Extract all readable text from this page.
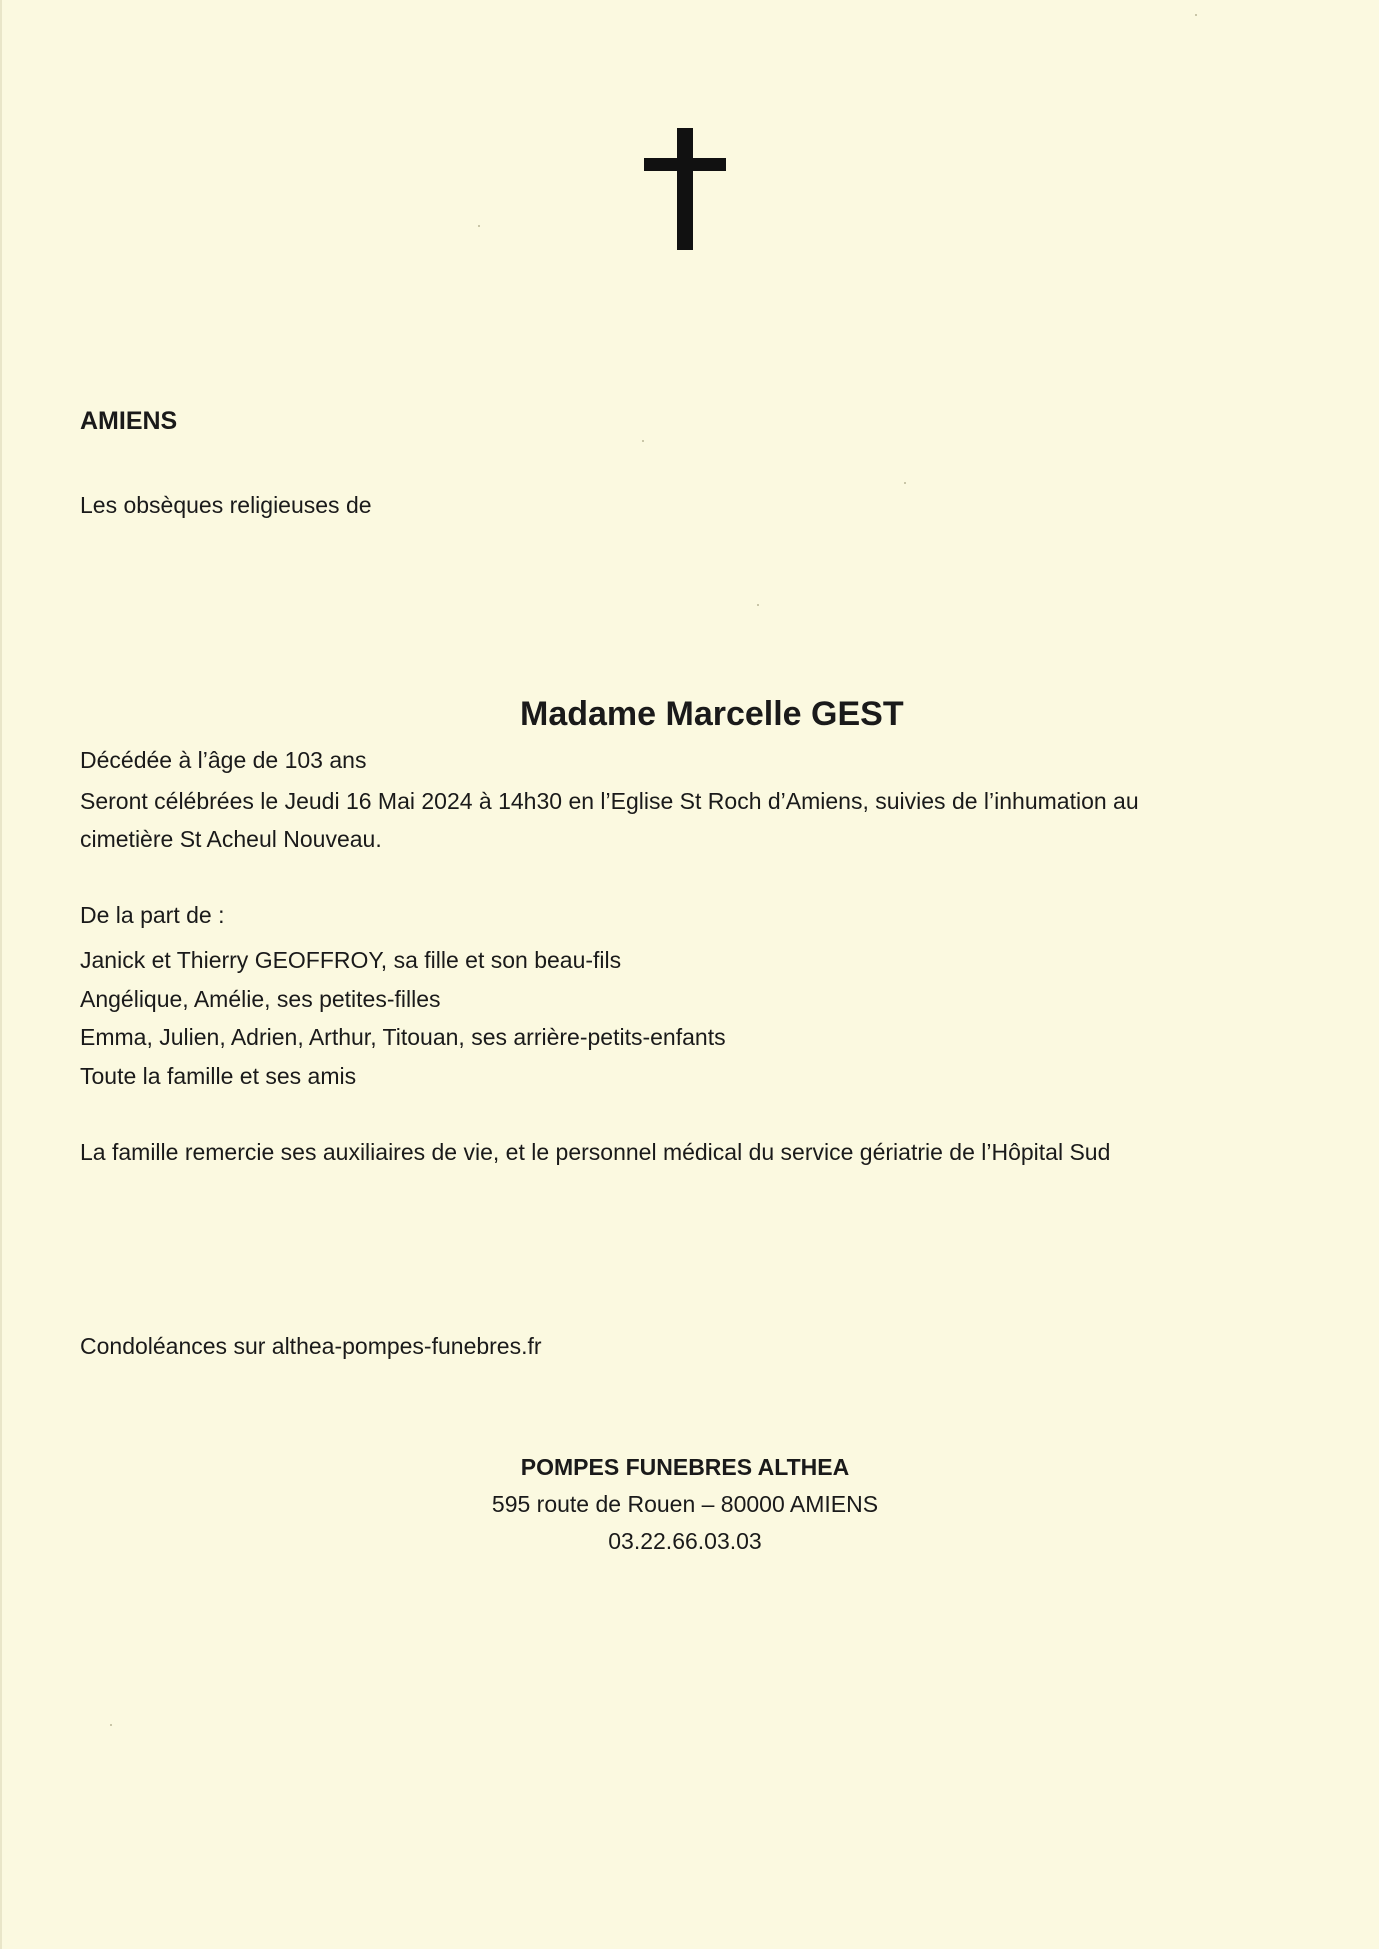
AMIENS
Les obsèques religieuses de
Madame Marcelle GEST
Décédée à l’âge de 103 ans
Seront célébrées le Jeudi 16 Mai 2024 à 14h30 en l’Eglise St Roch d’Amiens, suivies de l’inhumation au
cimetière St Acheul Nouveau.
De la part de :
Janick et Thierry GEOFFROY, sa fille et son beau-fils
Angélique, Amélie, ses petites-filles
Emma, Julien, Adrien, Arthur, Titouan, ses arrière-petits-enfants
Toute la famille et ses amis
La famille remercie ses auxiliaires de vie, et le personnel médical du service gériatrie de l’Hôpital Sud
Condoléances sur althea-pompes-funebres.fr
POMPES FUNEBRES ALTHEA
595 route de Rouen – 80000 AMIENS
03.22.66.03.03
